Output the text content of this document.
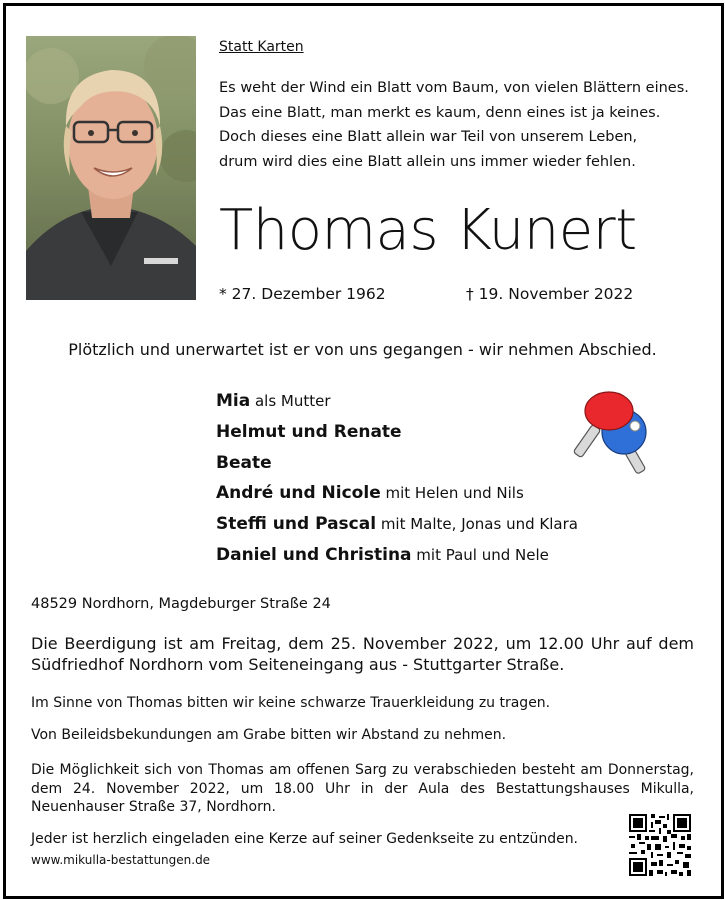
Statt Karten
Es weht der Wind ein Blatt vom Baum, von vielen Blättern eines.
Das eine Blatt, man merkt es kaum, denn eines ist ja keines.
Doch dieses eine Blatt allein war Teil von unserem Leben,
drum wird dies eine Blatt allein uns immer wieder fehlen.
Thomas Kunert
* 27. Dezember 1962	† 19. November 2022
Plötzlich und unerwartet ist er von uns gegangen - wir nehmen Abschied.
Mia als Mutter
Helmut und Renate
Beate
André und Nicole mit Helen und Nils
Steffi und Pascal mit Malte, Jonas und Klara
Daniel und Christina mit Paul und Nele
48529 Nordhorn, Magdeburger Straße 24
Die Beerdigung ist am Freitag, dem 25. November 2022, um 12.00 Uhr auf dem Südfriedhof Nordhorn vom Seiteneingang aus - Stuttgarter Straße.
Im Sinne von Thomas bitten wir keine schwarze Trauerkleidung zu tragen.
Von Beileidsbekundungen am Grabe bitten wir Abstand zu nehmen.
Die Möglichkeit sich von Thomas am offenen Sarg zu verabschieden besteht am Donnerstag, dem 24. November 2022, um 18.00 Uhr in der Aula des Bestattungshauses Mikulla, Neuenhauser Straße 37, Nordhorn.
Jeder ist herzlich eingeladen eine Kerze auf seiner Gedenkseite zu entzünden.
www.mikulla-bestattungen.de
